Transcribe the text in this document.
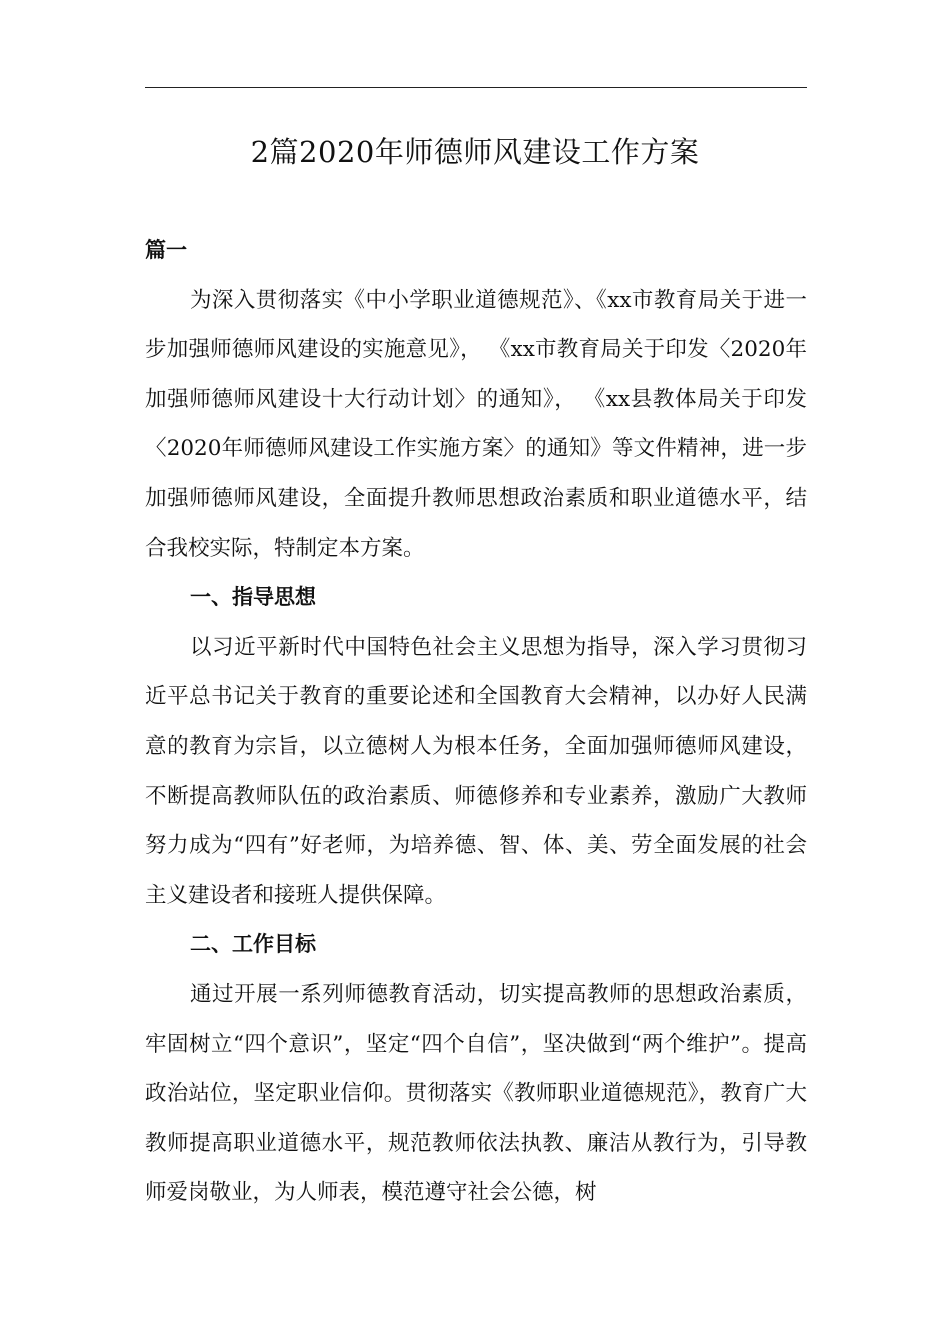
2篇2020年师德师风建设工作方案

篇一

为深入贯彻落实《中小学职业道德规范》、《xx市教育局关于进一步加强师德师风建设的实施意见》， 《xx市教育局关于印发〈2020年加强师德师风建设十大行动计划〉的通知》， 《xx县教体局关于印发〈2020年师德师风建设工作实施方案〉的通知》等文件精神，进一步加强师德师风建设，全面提升教师思想政治素质和职业道德水平，结合我校实际，特制定本方案。

一、指导思想

以习近平新时代中国特色社会主义思想为指导，深入学习贯彻习近平总书记关于教育的重要论述和全国教育大会精神，以办好人民满意的教育为宗旨，以立德树人为根本任务，全面加强师德师风建设，不断提高教师队伍的政治素质、师德修养和专业素养，激励广大教师努力成为“四有”好老师，为培养德、智、体、美、劳全面发展的社会主义建设者和接班人提供保障。

二、工作目标

通过开展一系列师德教育活动，切实提高教师的思想政治素质，牢固树立“四个意识”，坚定“四个自信”，坚决做到“两个维护”。提高政治站位，坚定职业信仰。贯彻落实《教师职业道德规范》，教育广大教师提高职业道德水平，规范教师依法执教、廉洁从教行为，引导教师爱岗敬业，为人师表，模范遵守社会公德，树
